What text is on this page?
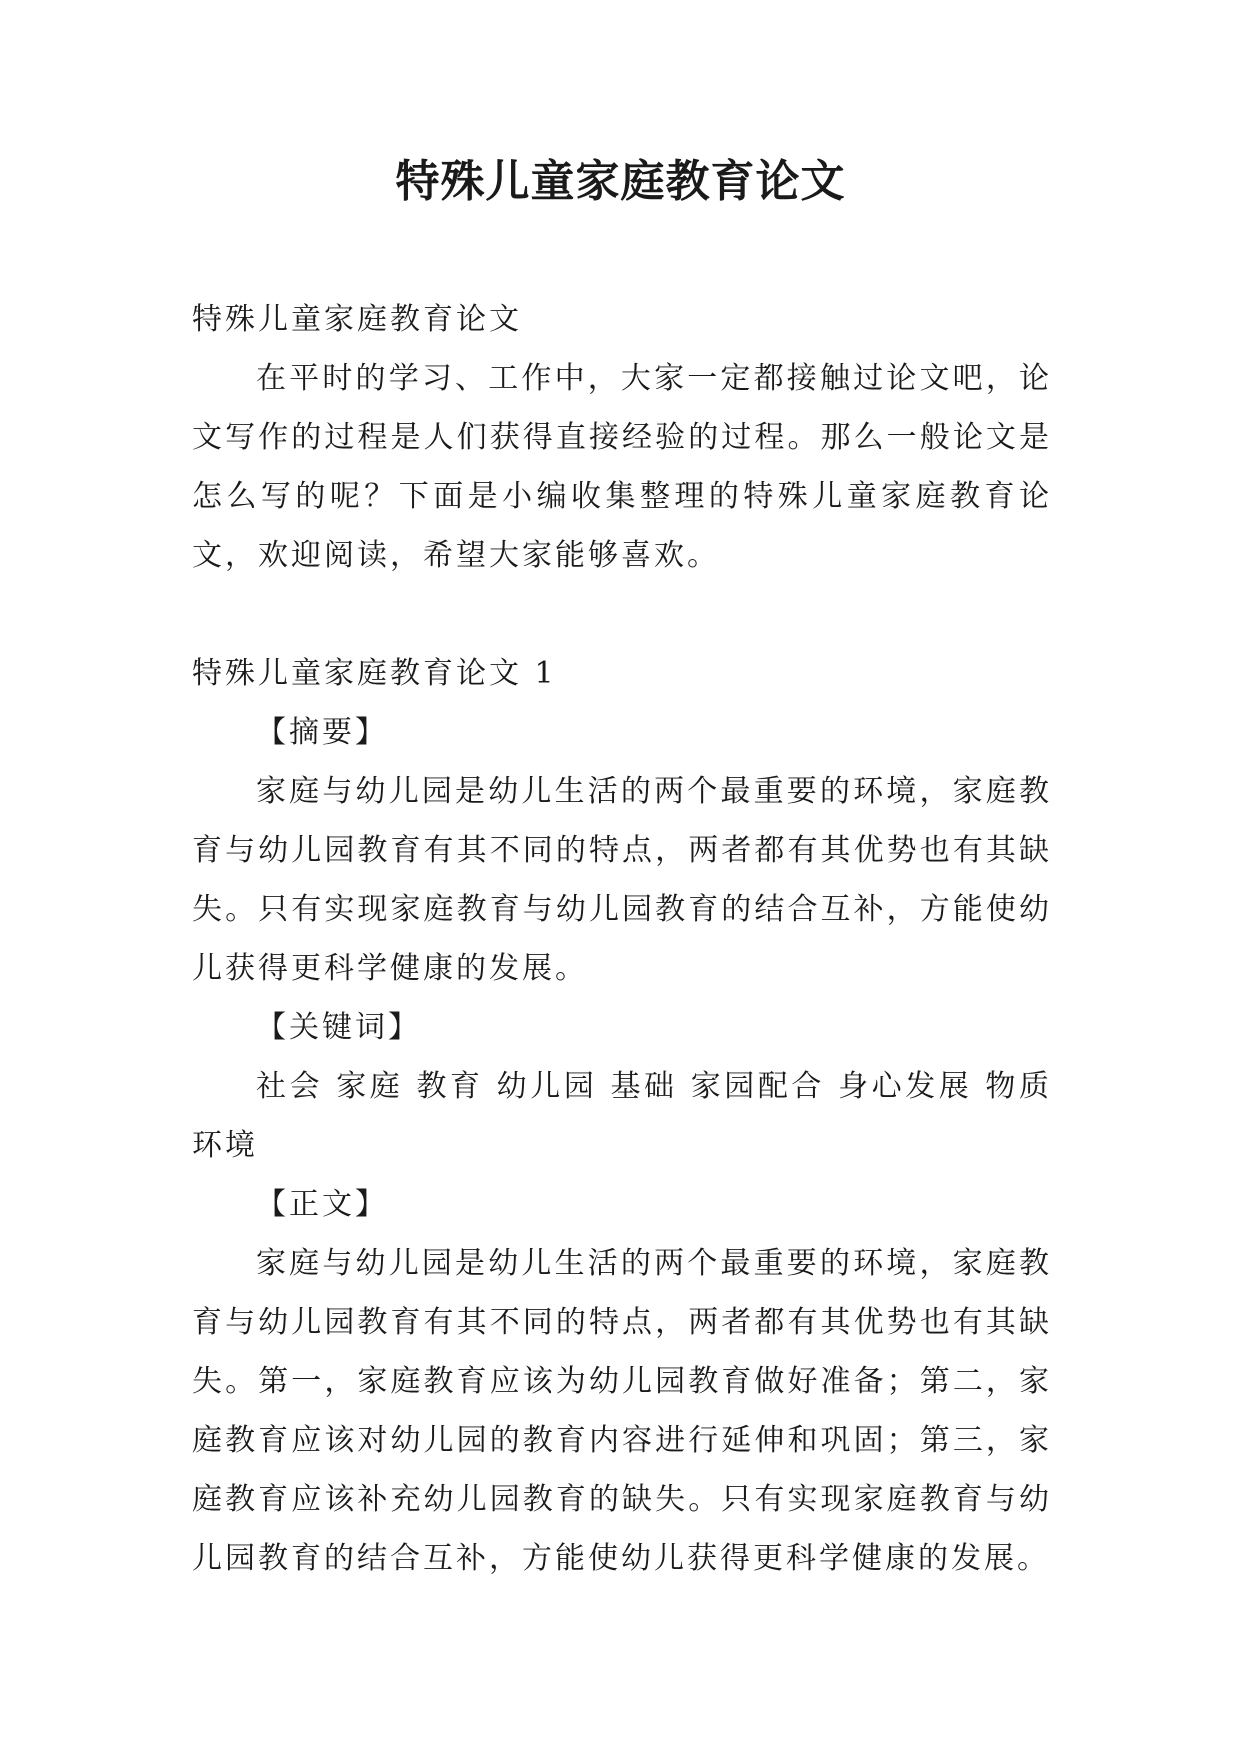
特殊儿童家庭教育论文

特殊儿童家庭教育论文

在平时的学习、工作中，大家一定都接触过论文吧，论文写作的过程是人们获得直接经验的过程。那么一般论文是怎么写的呢？下面是小编收集整理的特殊儿童家庭教育论文，欢迎阅读，希望大家能够喜欢。

特殊儿童家庭教育论文 1

【摘要】

家庭与幼儿园是幼儿生活的两个最重要的环境，家庭教育与幼儿园教育有其不同的特点，两者都有其优势也有其缺失。只有实现家庭教育与幼儿园教育的结合互补，方能使幼儿获得更科学健康的发展。

【关键词】

社会 家庭 教育 幼儿园 基础 家园配合 身心发展 物质环境

【正文】

家庭与幼儿园是幼儿生活的两个最重要的环境，家庭教育与幼儿园教育有其不同的特点，两者都有其优势也有其缺失。第一，家庭教育应该为幼儿园教育做好准备；第二，家庭教育应该对幼儿园的教育内容进行延伸和巩固；第三，家庭教育应该补充幼儿园教育的缺失。只有实现家庭教育与幼儿园教育的结合互补，方能使幼儿获得更科学健康的发展。
